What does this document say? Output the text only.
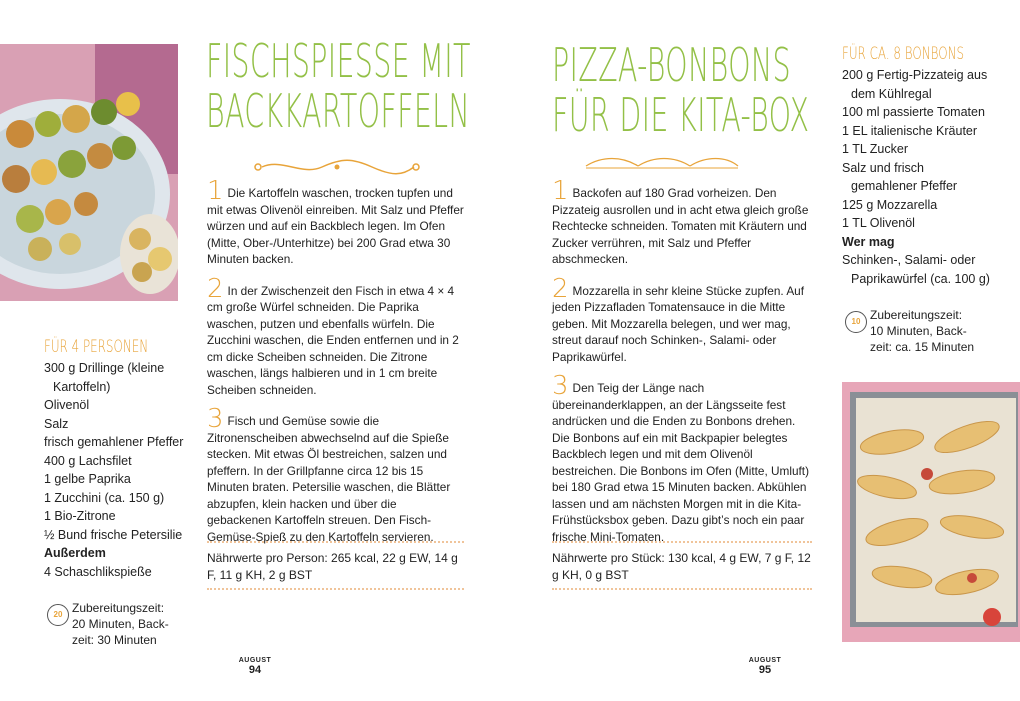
FISCHSPIESSE MIT
BACKKARTOFFELN
FÜR 4 PERSONEN
300 g Drillinge (kleine
Kartoffeln)
Olivenöl
Salz
frisch gemahlener Pfeffer
400 g Lachsfilet
1 gelbe Paprika
1 Zucchini (ca. 150 g)
1 Bio-Zitrone
½ Bund frische Petersilie
Außerdem
4 Schaschlikspieße
20 Zubereitungszeit:
20 Minuten, Back-
zeit: 30 Minuten

1 Die Kartoffeln waschen, trocken tupfen und mit etwas Olivenöl einreiben. Mit Salz und Pfeffer würzen und auf ein Backblech legen. Im Ofen (Mitte, Ober-/Unterhitze) bei 200 Grad etwa 30 Minuten backen.

2 In der Zwischenzeit den Fisch in etwa 4 × 4 cm große Würfel schneiden. Die Paprika waschen, putzen und ebenfalls würfeln. Die Zucchini waschen, die Enden entfernen und in 2 cm dicke Scheiben schneiden. Die Zitrone waschen, längs halbieren und in 1 cm breite Scheiben schneiden.

3 Fisch und Gemüse sowie die Zitronenscheiben abwechselnd auf die Spieße stecken. Mit etwas Öl bestreichen, salzen und pfeffern. In der Grillpfanne circa 12 bis 15 Minuten braten. Petersilie waschen, die Blätter abzupfen, klein hacken und über die gebackenen Kartoffeln streuen. Den Fisch-Gemüse-Spieß zu den Kartoffeln servieren.

Nährwerte pro Person: 265 kcal, 22 g EW, 14 g F, 11 g KH, 2 g BST
AUGUST
94
PIZZA-BONBONS
FÜR DIE KITA-BOX

1 Backofen auf 180 Grad vorheizen. Den Pizzateig ausrollen und in acht etwa gleich große Rechtecke schneiden. Tomaten mit Kräutern und Zucker verrühren, mit Salz und Pfeffer abschmecken.

2 Mozzarella in sehr kleine Stücke zupfen. Auf jeden Pizzafladen Tomatensauce in die Mitte geben. Mit Mozzarella belegen, und wer mag, streut darauf noch Schinken-, Salami- oder Paprikawürfel.

3 Den Teig der Länge nach übereinanderklappen, an der Längsseite fest andrücken und die Enden zu Bonbons drehen. Die Bonbons auf ein mit Backpapier belegtes Backblech legen und mit dem Olivenöl bestreichen. Die Bonbons im Ofen (Mitte, Umluft) bei 180 Grad etwa 15 Minuten backen. Abkühlen lassen und am nächsten Morgen mit in die Kita-Frühstücksbox geben. Dazu gibt’s noch ein paar frische Mini-Tomaten.

Nährwerte pro Stück: 130 kcal, 4 g EW, 7 g F, 12 g KH, 0 g BST
FÜR CA. 8 BONBONS
200 g Fertig-Pizzateig aus
dem Kühlregal
100 ml passierte Tomaten
1 EL italienische Kräuter
1 TL Zucker
Salz und frisch
gemahlener Pfeffer
125 g Mozzarella
1 TL Olivenöl
Wer mag
Schinken-, Salami- oder
Paprikawürfel (ca. 100 g)
10 Zubereitungszeit:
10 Minuten, Back-
zeit: ca. 15 Minuten
AUGUST
95
